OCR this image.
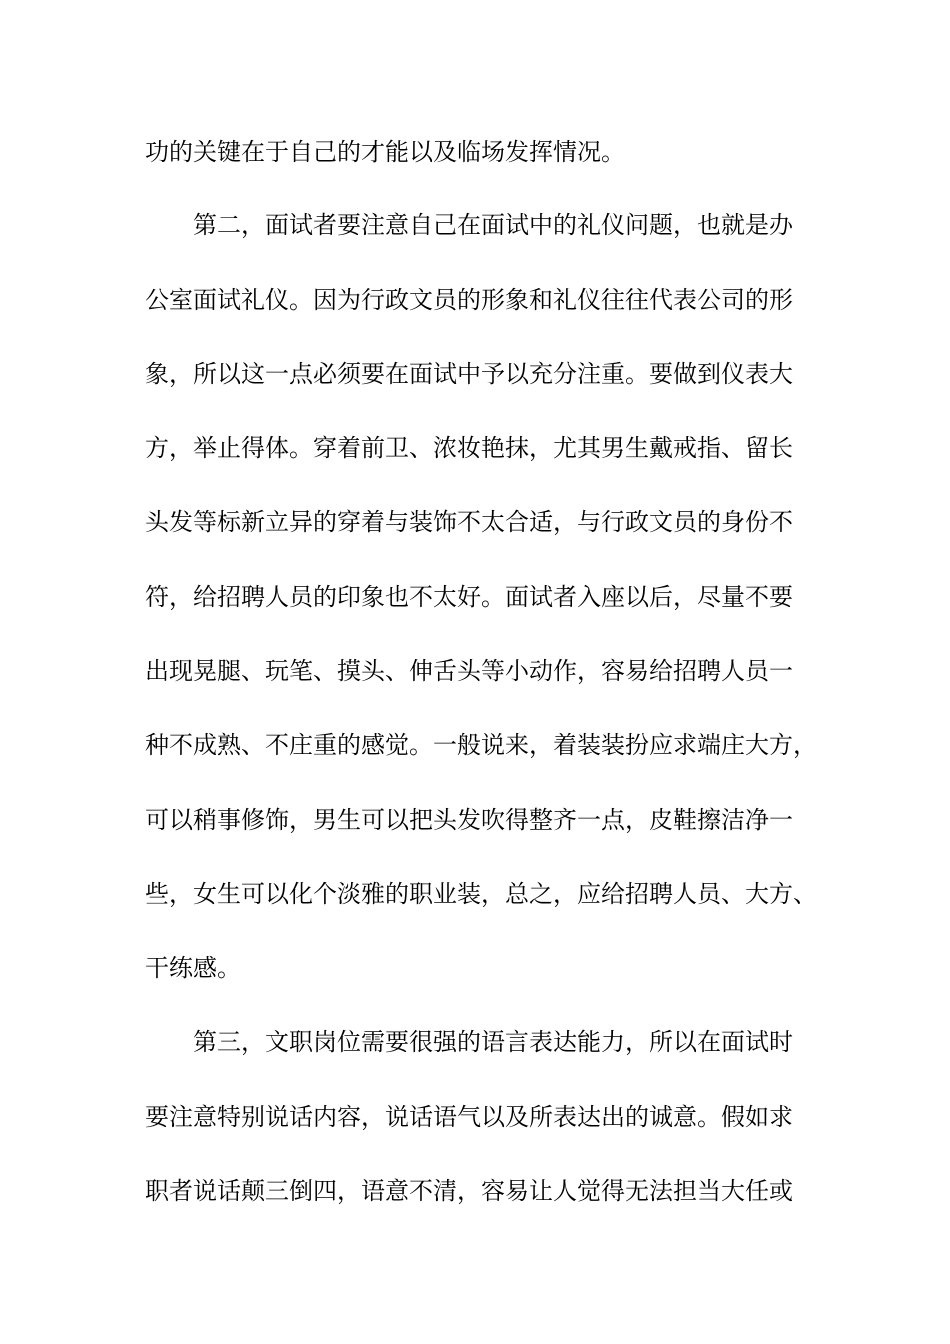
功的关键在于自己的才能以及临场发挥情况。
第二，面试者要注意自己在面试中的礼仪问题，也就是办
公室面试礼仪。因为行政文员的形象和礼仪往往代表公司的形
象，所以这一点必须要在面试中予以充分注重。要做到仪表大
方，举止得体。穿着前卫、浓妆艳抹，尤其男生戴戒指、留长
头发等标新立异的穿着与装饰不太合适，与行政文员的身份不
符，给招聘人员的印象也不太好。面试者入座以后，尽量不要
出现晃腿、玩笔、摸头、伸舌头等小动作，容易给招聘人员一
种不成熟、不庄重的感觉。一般说来，着装装扮应求端庄大方，
可以稍事修饰，男生可以把头发吹得整齐一点，皮鞋擦洁净一
些，女生可以化个淡雅的职业装，总之，应给招聘人员、大方、
干练感。
第三，文职岗位需要很强的语言表达能力，所以在面试时
要注意特别说话内容，说话语气以及所表达出的诚意。假如求
职者说话颠三倒四，语意不清，容易让人觉得无法担当大任或
